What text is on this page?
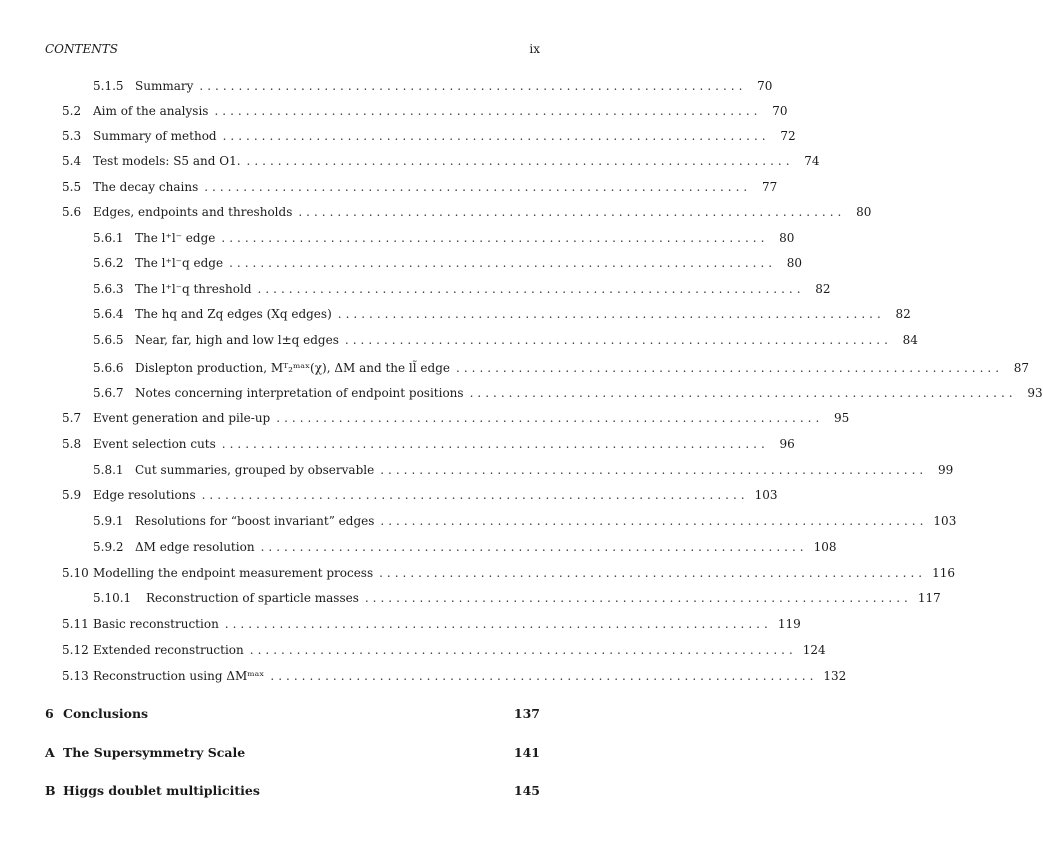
CONTENTS	ix
5.1.5 Summary ...................................................................... 70
5.2 Aim of the analysis ...................................................................... 70
5.3 Summary of method ...................................................................... 72
5.4 Test models: S5 and O1. ...................................................................... 74
5.5 The decay chains ...................................................................... 77
5.6 Edges, endpoints and thresholds ...................................................................... 80
5.6.1 The l⁺l⁻ edge ...................................................................... 80
5.6.2 The l⁺l⁻q edge ...................................................................... 80
5.6.3 The l⁺l⁻q threshold ...................................................................... 82
5.6.4 The hq and Zq edges (Xq edges) ...................................................................... 82
5.6.5 Near, far, high and low l±q edges ...................................................................... 84
5.6.6 Dislepton production, Mᵀ₂ᵐᵃˣ(χ), ΔM and the ll̃ edge ...................................................................... 87
5.6.7 Notes concerning interpretation of endpoint positions ...................................................................... 93
5.7 Event generation and pile-up ...................................................................... 95
5.8 Event selection cuts ...................................................................... 96
5.8.1 Cut summaries, grouped by observable ...................................................................... 99
5.9 Edge resolutions ...................................................................... 103
5.9.1 Resolutions for “boost invariant” edges ...................................................................... 103
5.9.2 ΔM edge resolution ...................................................................... 108
5.10 Modelling the endpoint measurement process ...................................................................... 116
5.10.1 Reconstruction of sparticle masses ...................................................................... 117
5.11 Basic reconstruction ...................................................................... 119
5.12 Extended reconstruction ...................................................................... 124
5.13 Reconstruction using ΔMᵐᵃˣ ...................................................................... 132
6 Conclusions	137
A The Supersymmetry Scale	141
B Higgs doublet multiplicities	145
